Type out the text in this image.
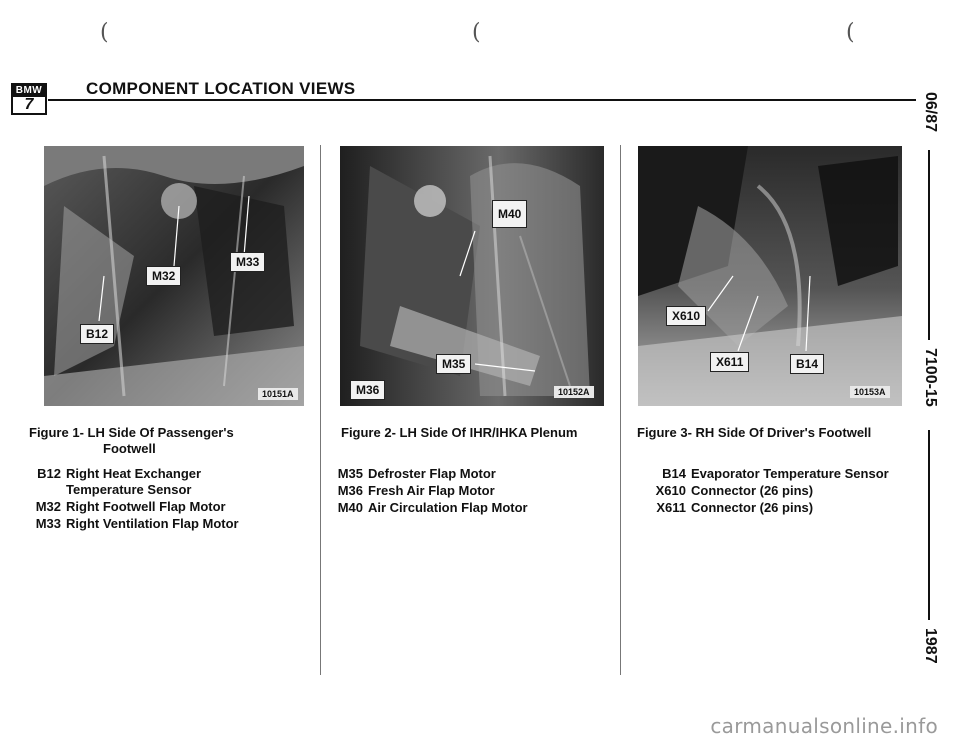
(	(	(
BMW
7
COMPONENT LOCATION VIEWS
06/87
7100-15
1987
M32
M33
B12
10151A
M40
M35
M36	10152A
X610
X611	B14
10153A
Figure 1- LH Side Of Passenger's
Footwell
B12 Right Heat Exchanger
Temperature Sensor
M32 Right Footwell Flap Motor
M33 Right Ventilation Flap Motor
Figure 2- LH Side Of IHR/IHKA Plenum
M35 Defroster Flap Motor
M36 Fresh Air Flap Motor
M40 Air Circulation Flap Motor
Figure 3- RH Side Of Driver's Footwell
B14 Evaporator Temperature Sensor
X610 Connector (26 pins)
X611 Connector (26 pins)
carmanualsonline.info
